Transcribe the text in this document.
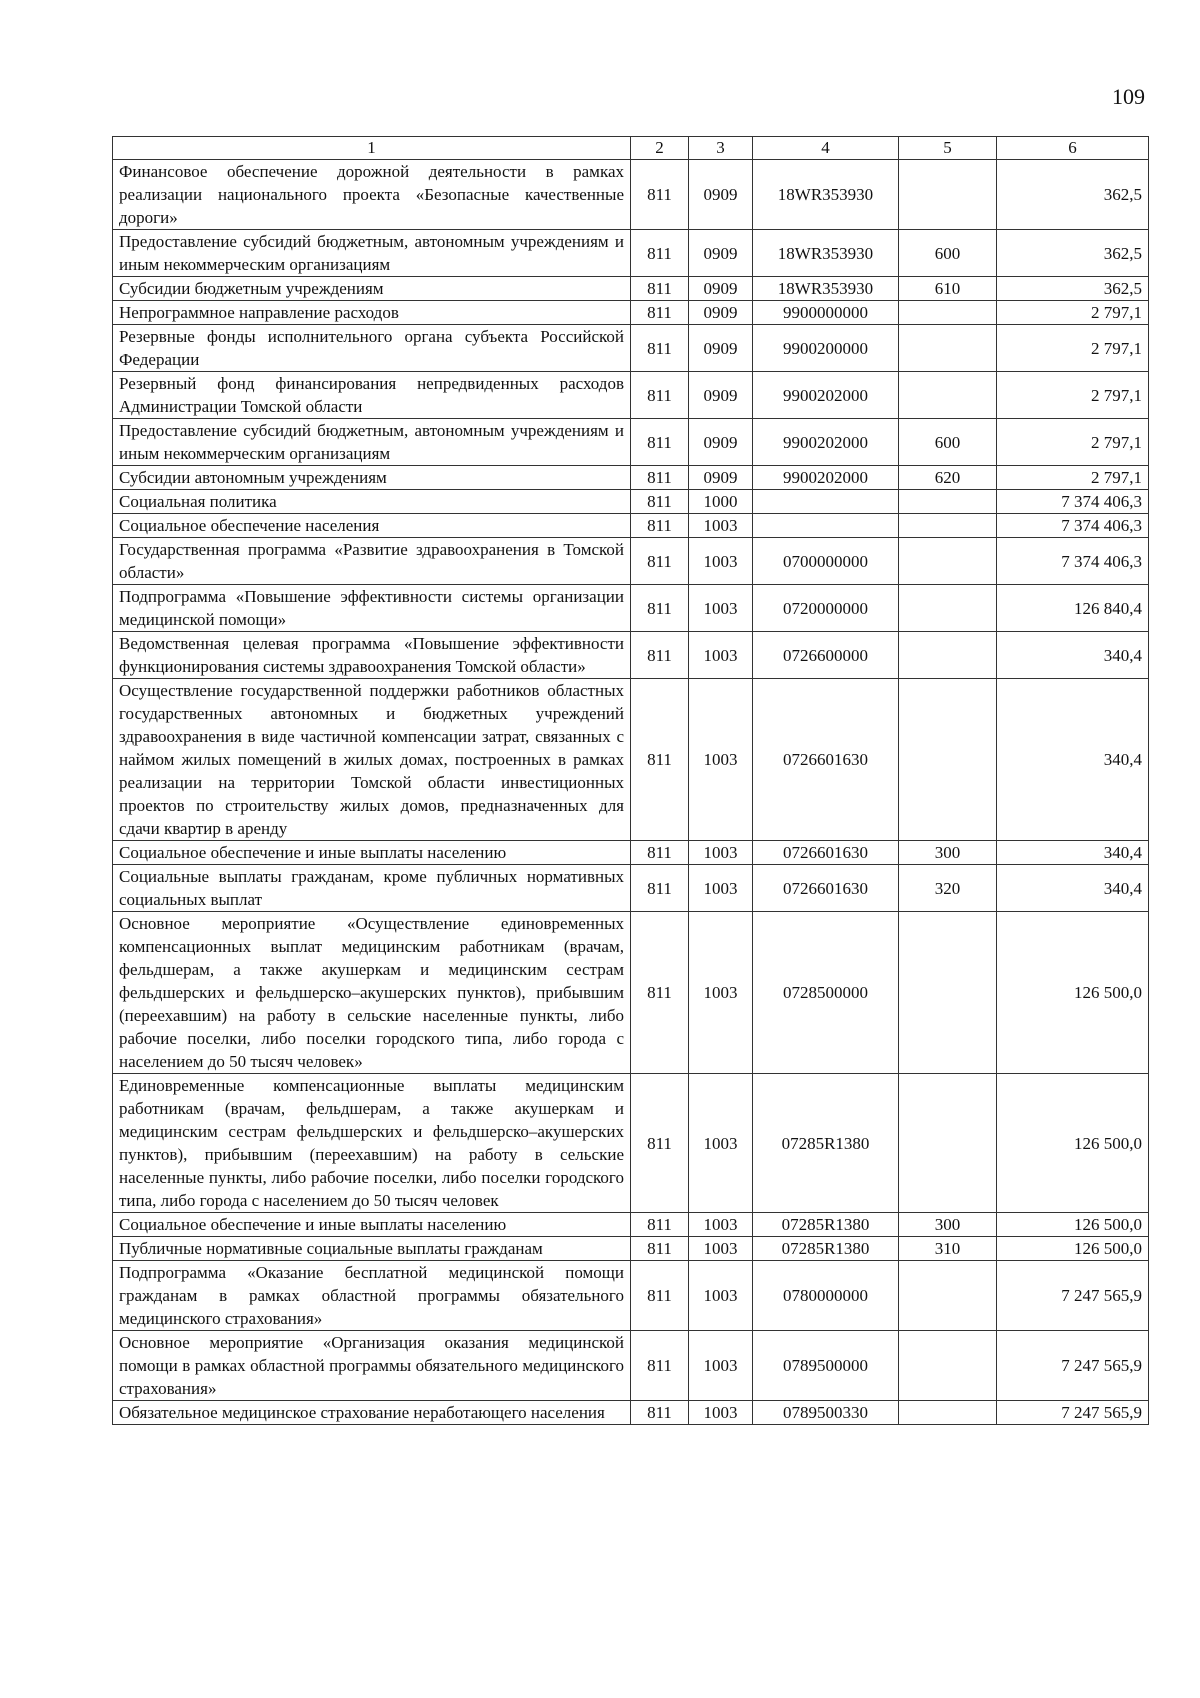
109
1	2	3	4	5	6
Финансовое обеспечение дорожной деятельности в рамках реализации национального проекта «Безопасные качественные дороги»	811	0909	18WR353930		362,5
Предоставление субсидий бюджетным, автономным учреждениям и иным некоммерческим организациям	811	0909	18WR353930	600	362,5
Субсидии бюджетным учреждениям	811	0909	18WR353930	610	362,5
Непрограммное направление расходов	811	0909	9900000000		2 797,1
Резервные фонды исполнительного органа субъекта Российской Федерации	811	0909	9900200000		2 797,1
Резервный фонд финансирования непредвиденных расходов Администрации Томской области	811	0909	9900202000		2 797,1
Предоставление субсидий бюджетным, автономным учреждениям и иным некоммерческим организациям	811	0909	9900202000	600	2 797,1
Субсидии автономным учреждениям	811	0909	9900202000	620	2 797,1
Социальная политика	811	1000			7 374 406,3
Социальное обеспечение населения	811	1003			7 374 406,3
Государственная программа «Развитие здравоохранения в Томской области»	811	1003	0700000000		7 374 406,3
Подпрограмма «Повышение эффективности системы организации медицинской помощи»	811	1003	0720000000		126 840,4
Ведомственная целевая программа «Повышение эффективности функционирования системы здравоохранения Томской области»	811	1003	0726600000		340,4
Осуществление государственной поддержки работников областных государственных автономных и бюджетных учреждений здравоохранения в виде частичной компенсации затрат, связанных с наймом жилых помещений в жилых домах, построенных в рамках реализации на территории Томской области инвестиционных проектов по строительству жилых домов, предназначенных для сдачи квартир в аренду	811	1003	0726601630		340,4
Социальное обеспечение и иные выплаты населению	811	1003	0726601630	300	340,4
Социальные выплаты гражданам, кроме публичных нормативных социальных выплат	811	1003	0726601630	320	340,4
Основное мероприятие «Осуществление единовременных компенсационных выплат медицинским работникам (врачам, фельдшерам, а также акушеркам и медицинским сестрам фельдшерских и фельдшерско–акушерских пунктов), прибывшим (переехавшим) на работу в сельские населенные пункты, либо рабочие поселки, либо поселки городского типа, либо города с населением до 50 тысяч человек»	811	1003	0728500000		126 500,0
Единовременные компенсационные выплаты медицинским работникам (врачам, фельдшерам, а также акушеркам и медицинским сестрам фельдшерских и фельдшерско–акушерских пунктов), прибывшим (переехавшим) на работу в сельские населенные пункты, либо рабочие поселки, либо поселки городского типа, либо города с населением до 50 тысяч человек	811	1003	07285R1380		126 500,0
Социальное обеспечение и иные выплаты населению	811	1003	07285R1380	300	126 500,0
Публичные нормативные социальные выплаты гражданам	811	1003	07285R1380	310	126 500,0
Подпрограмма «Оказание бесплатной медицинской помощи гражданам в рамках областной программы обязательного медицинского страхования»	811	1003	0780000000		7 247 565,9
Основное мероприятие «Организация оказания медицинской помощи в рамках областной программы обязательного медицинского страхования»	811	1003	0789500000		7 247 565,9
Обязательное медицинское страхование неработающего населения	811	1003	0789500330		7 247 565,9
